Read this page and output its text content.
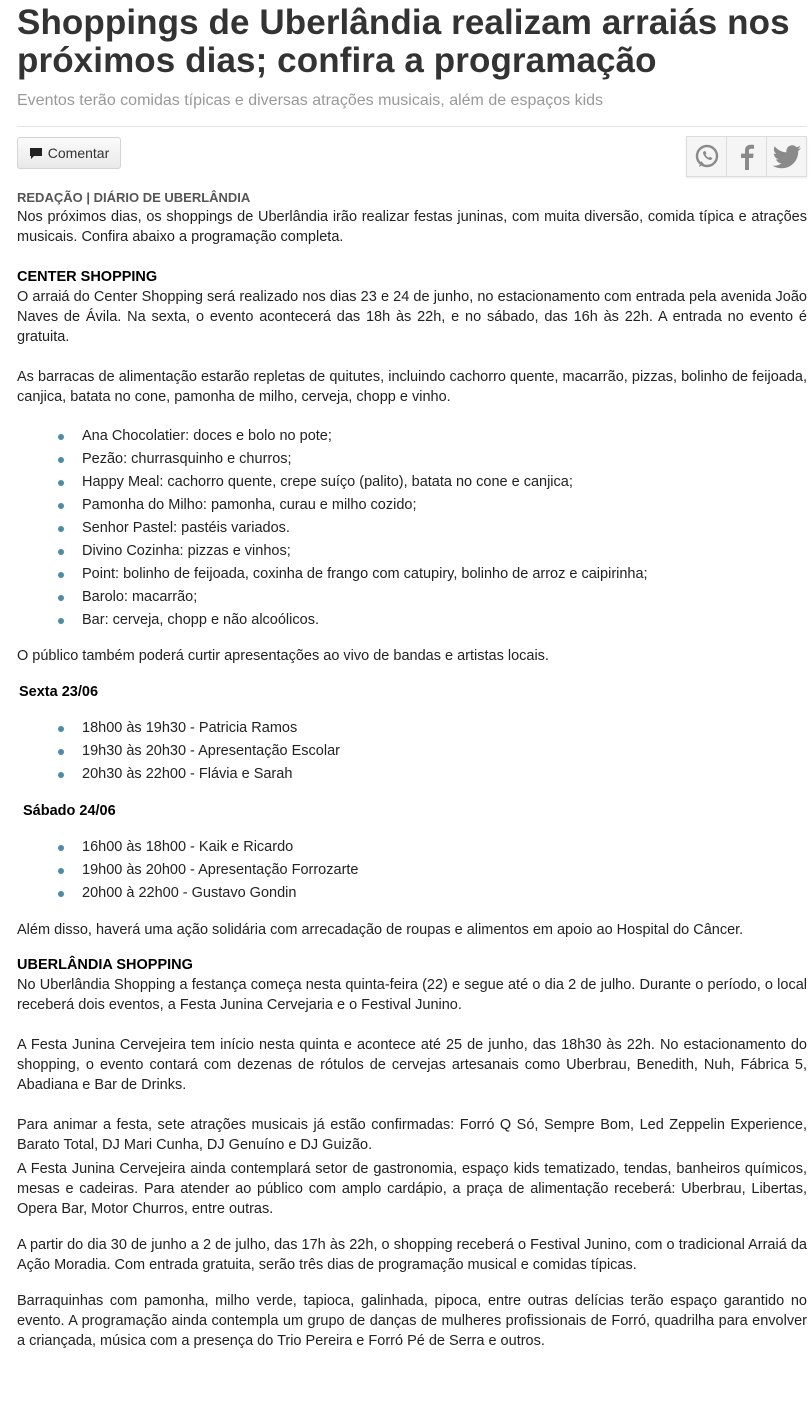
Shoppings de Uberlândia realizam arraiás nos próximos dias; confira a programação
Eventos terão comidas típicas e diversas atrações musicais, além de espaços kids
Comentar
REDAÇÃO | DIÁRIO DE UBERLÂNDIA

Nos próximos dias, os shoppings de Uberlândia irão realizar festas juninas, com muita diversão, comida típica e atrações musicais. Confira abaixo a programação completa.

CENTER SHOPPING

O arraiá do Center Shopping será realizado nos dias 23 e 24 de junho, no estacionamento com entrada pela avenida João Naves de Ávila. Na sexta, o evento acontecerá das 18h às 22h, e no sábado, das 16h às 22h. A entrada no evento é gratuita.

As barracas de alimentação estarão repletas de quitutes, incluindo cachorro quente, macarrão, pizzas, bolinho de feijoada, canjica, batata no cone, pamonha de milho, cerveja, chopp e vinho.

Ana Chocolatier: doces e bolo no pote;
Pezão: churrasquinho e churros;
Happy Meal: cachorro quente, crepe suíço (palito), batata no cone e canjica;
Pamonha do Milho: pamonha, curau e milho cozido;
Senhor Pastel: pastéis variados.
Divino Cozinha: pizzas e vinhos;
Point: bolinho de feijoada, coxinha de frango com catupiry, bolinho de arroz e caipirinha;
Barolo: macarrão;
Bar: cerveja, chopp e não alcoólicos.

O público também poderá curtir apresentações ao vivo de bandas e artistas locais.

Sexta 23/06
18h00 às 19h30 - Patricia Ramos
19h30 às 20h30 - Apresentação Escolar
20h30 às 22h00 - Flávia e Sarah
Sábado 24/06
16h00 às 18h00 - Kaik e Ricardo
19h00 às 20h00 - Apresentação Forrozarte
20h00 à 22h00 - Gustavo Gondin

Além disso, haverá uma ação solidária com arrecadação de roupas e alimentos em apoio ao Hospital do Câncer.

UBERLÂNDIA SHOPPING

No Uberlândia Shopping a festança começa nesta quinta-feira (22) e segue até o dia 2 de julho. Durante o período, o local receberá dois eventos, a Festa Junina Cervejaria e o Festival Junino.

A Festa Junina Cervejeira tem início nesta quinta e acontece até 25 de junho, das 18h30 às 22h. No estacionamento do shopping, o evento contará com dezenas de rótulos de cervejas artesanais como Uberbrau, Benedith, Nuh, Fábrica 5, Abadiana e Bar de Drinks.

Para animar a festa, sete atrações musicais já estão confirmadas: Forró Q Só, Sempre Bom, Led Zeppelin Experience, Barato Total, DJ Mari Cunha, DJ Genuíno e DJ Guizão.

A Festa Junina Cervejeira ainda contemplará setor de gastronomia, espaço kids tematizado, tendas, banheiros químicos, mesas e cadeiras. Para atender ao público com amplo cardápio, a praça de alimentação receberá: Uberbrau, Libertas, Opera Bar, Motor Churros, entre outras.

A partir do dia 30 de junho a 2 de julho, das 17h às 22h, o shopping receberá o Festival Junino, com o tradicional Arraiá da Ação Moradia. Com entrada gratuita, serão três dias de programação musical e comidas típicas.

Barraquinhas com pamonha, milho verde, tapioca, galinhada, pipoca, entre outras delícias terão espaço garantido no evento. A programação ainda contempla um grupo de danças de mulheres profissionais de Forró, quadrilha para envolver a criançada, música com a presença do Trio Pereira e Forró Pé de Serra e outros.
